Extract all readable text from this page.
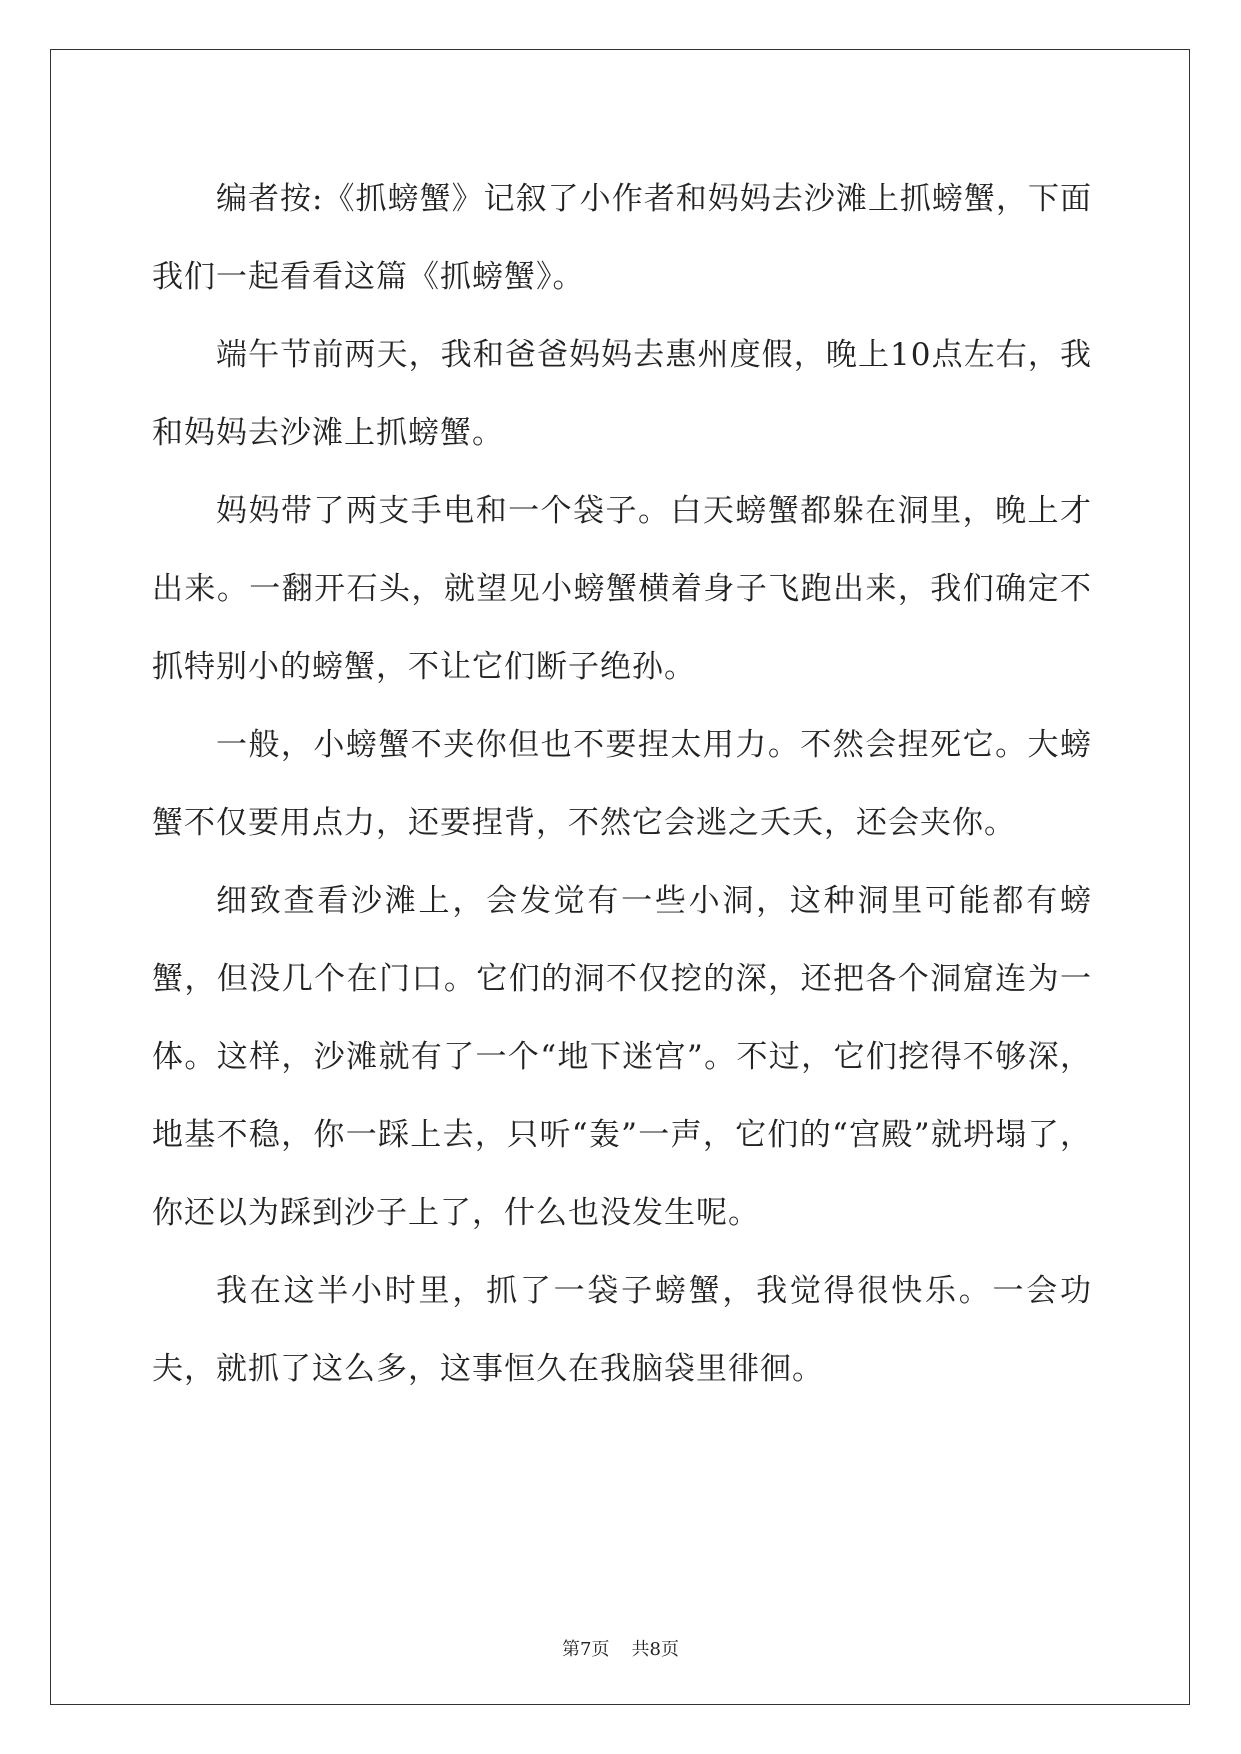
编者按:《抓螃蟹》记叙了小作者和妈妈去沙滩上抓螃蟹，下面我们一起看看这篇《抓螃蟹》。

端午节前两天，我和爸爸妈妈去惠州度假，晚上10点左右，我和妈妈去沙滩上抓螃蟹。

妈妈带了两支手电和一个袋子。白天螃蟹都躲在洞里，晚上才出来。一翻开石头，就望见小螃蟹横着身子飞跑出来，我们确定不抓特别小的螃蟹，不让它们断子绝孙。

一般，小螃蟹不夹你但也不要捏太用力。不然会捏死它。大螃蟹不仅要用点力，还要捏背，不然它会逃之夭夭，还会夹你。

细致查看沙滩上，会发觉有一些小洞，这种洞里可能都有螃蟹，但没几个在门口。它们的洞不仅挖的深，还把各个洞窟连为一体。这样，沙滩就有了一个“地下迷宫”。不过，它们挖得不够深，地基不稳，你一踩上去，只听“轰”一声，它们的“宫殿”就坍塌了，你还以为踩到沙子上了，什么也没发生呢。

我在这半小时里，抓了一袋子螃蟹，我觉得很快乐。一会功夫，就抓了这么多，这事恒久在我脑袋里徘徊。

第7页 共8页
